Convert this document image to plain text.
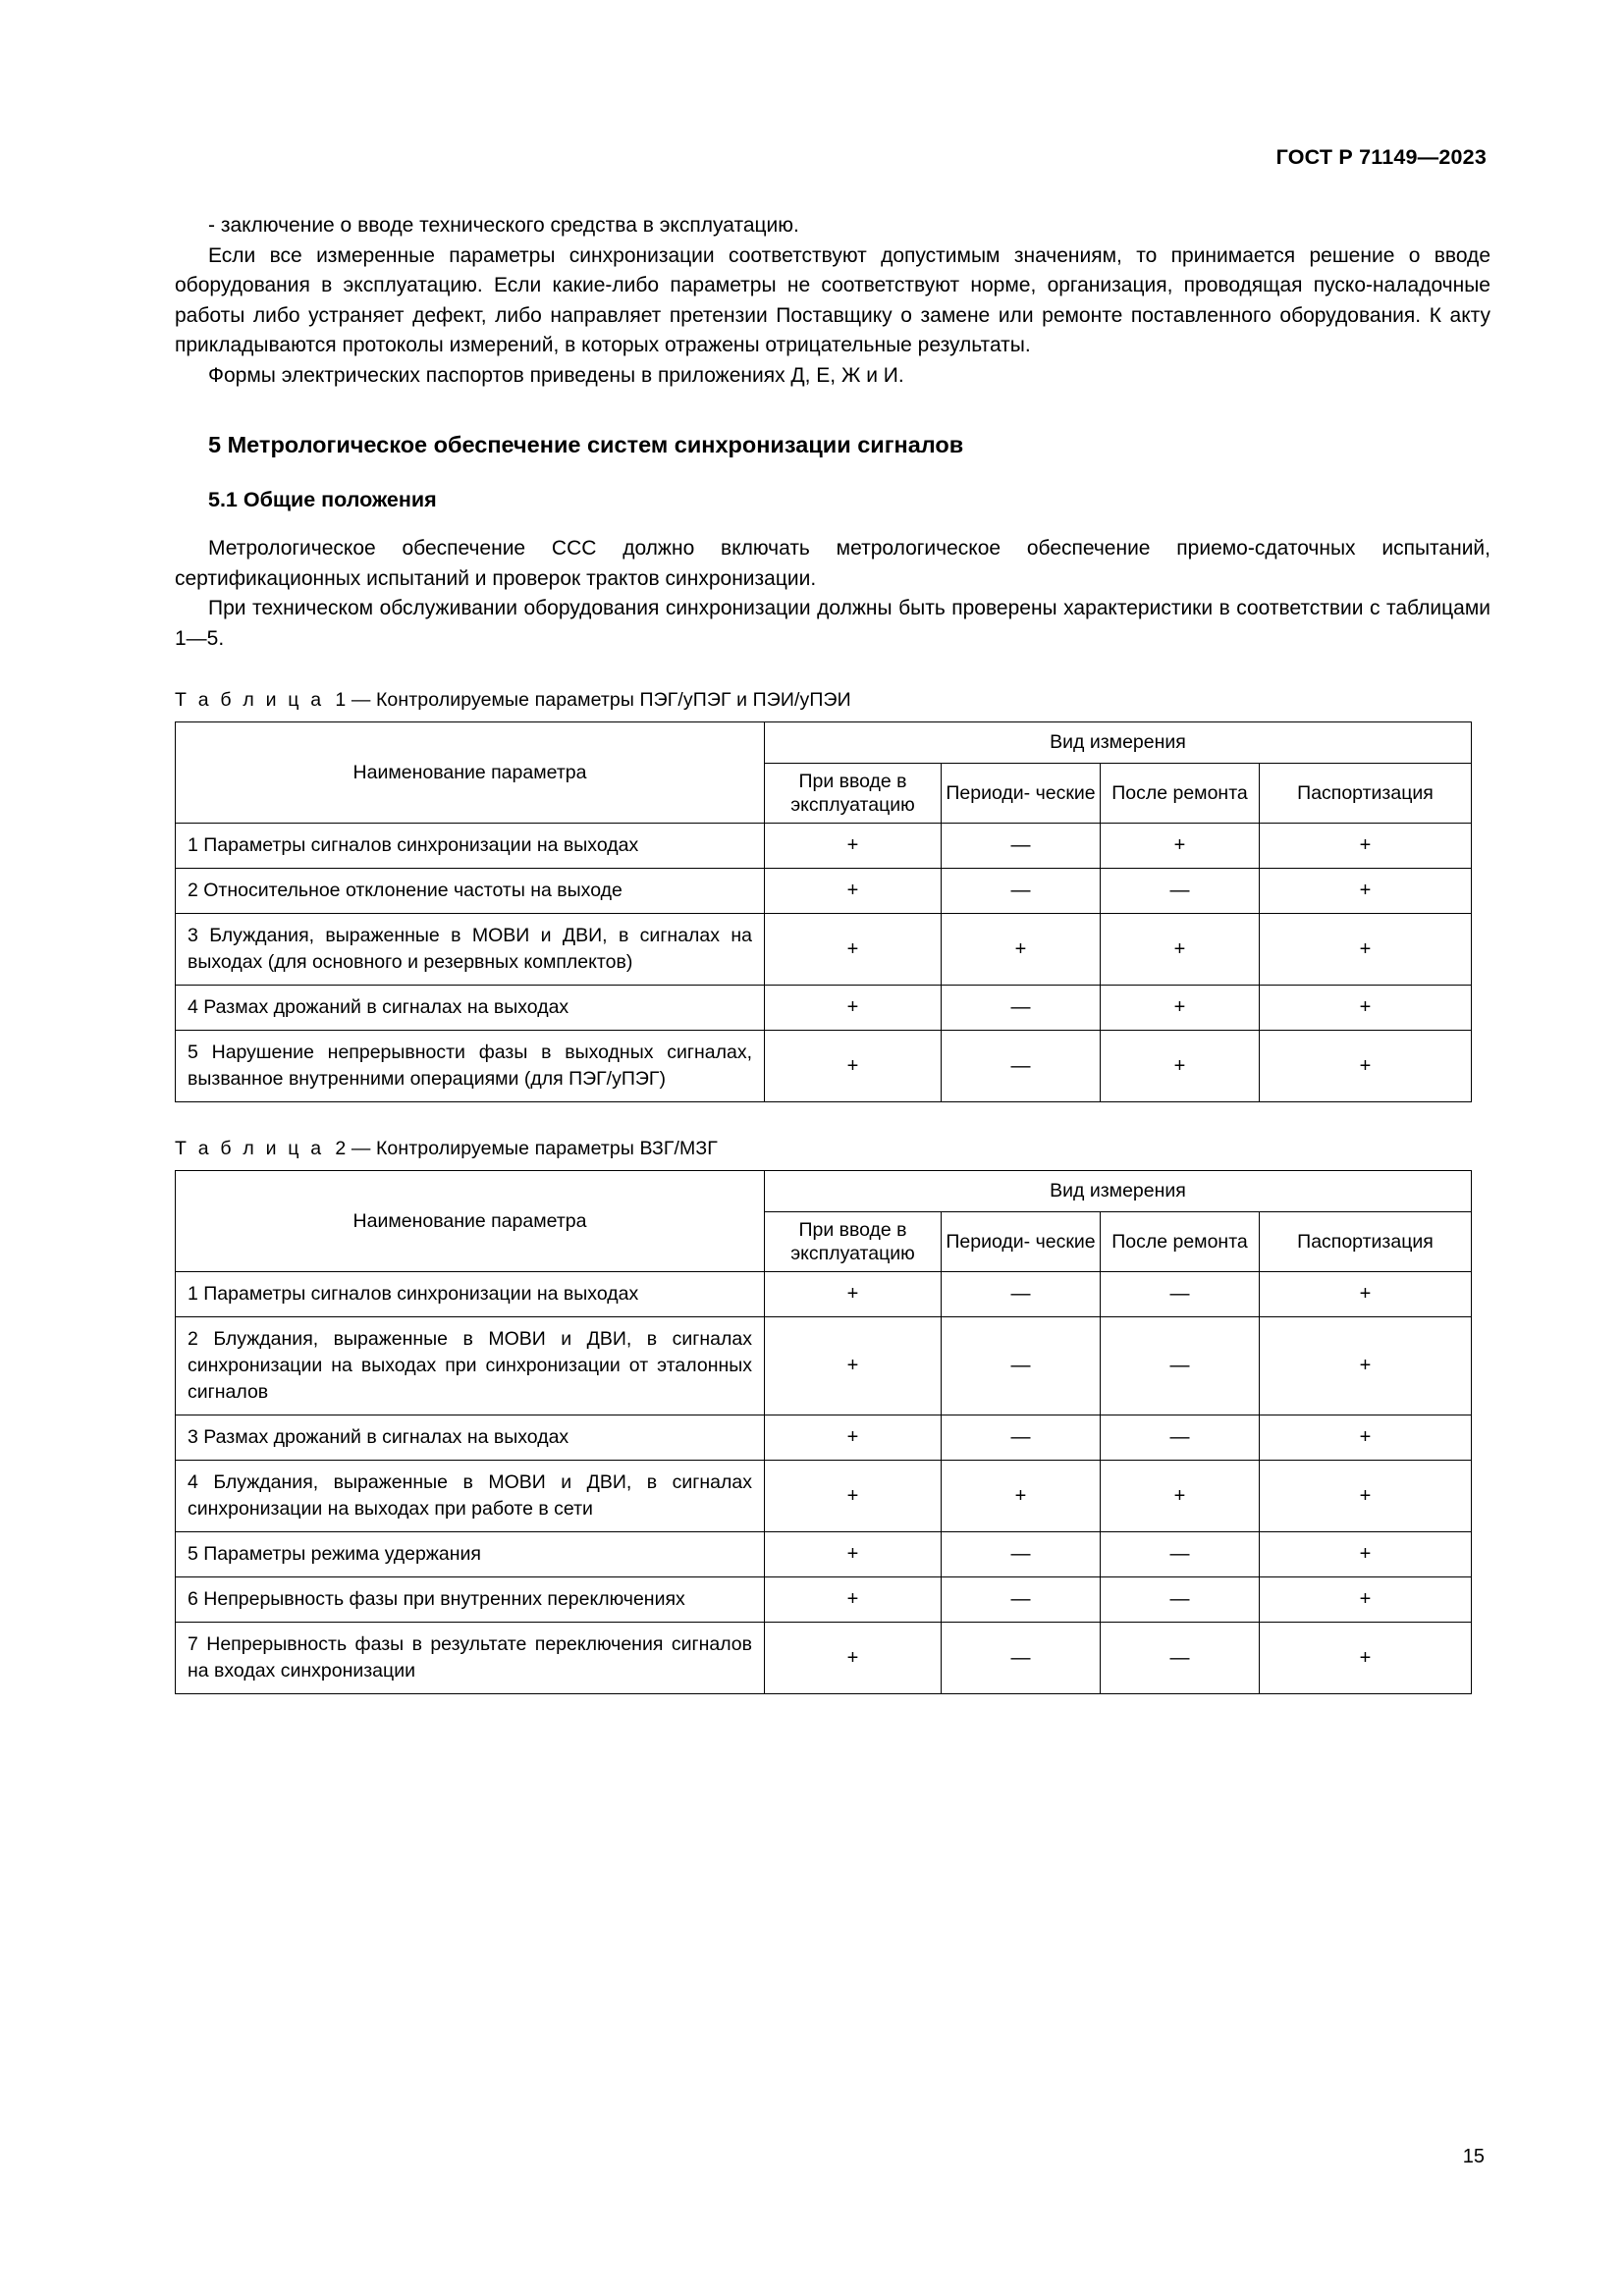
ГОСТ Р 71149—2023

- заключение о вводе технического средства в эксплуатацию.

Если все измеренные параметры синхронизации соответствуют допустимым значениям, то принимается решение о вводе оборудования в эксплуатацию. Если какие-либо параметры не соответствуют норме, организация, проводящая пуско-наладочные работы либо устраняет дефект, либо направляет претензии Поставщику о замене или ремонте поставленного оборудования. К акту прикладываются протоколы измерений, в которых отражены отрицательные результаты.

Формы электрических паспортов приведены в приложениях Д, Е, Ж и И.

5 Метрологическое обеспечение систем синхронизации сигналов
5.1 Общие положения

Метрологическое обеспечение ССС должно включать метрологическое обеспечение приемо-сдаточных испытаний, сертификационных испытаний и проверок трактов синхронизации.

При техническом обслуживании оборудования синхронизации должны быть проверены характеристики в соответствии с таблицами 1—5.

Т а б л и ц а 1 — Контролируемые параметры ПЭГ/уПЭГ и ПЭИ/уПЭИ
Наименование параметра	Вид измерения			
	При вводе в эксплуатацию	Периоди- ческие	После ремонта	Паспортизация
1 Параметры сигналов синхронизации на выходах	+	—	+	+
2 Относительное отклонение частоты на выходе	+	—	—	+
3 Блуждания, выраженные в МОВИ и ДВИ, в сигналах на выходах (для основного и резервных комплектов)	+	+	+	+
4 Размах дрожаний в сигналах на выходах	+	—	+	+
5 Нарушение непрерывности фазы в выходных сигналах, вызванное внутренними операциями (для ПЭГ/уПЭГ)	+	—	+	+
Т а б л и ц а 2 — Контролируемые параметры ВЗГ/МЗГ
Наименование параметра	Вид измерения			
	При вводе в эксплуатацию	Периоди- ческие	После ремонта	Паспортизация
1 Параметры сигналов синхронизации на выходах	+	—	—	+
2 Блуждания, выраженные в МОВИ и ДВИ, в сигналах синхронизации на выходах при синхронизации от эталонных сигналов	+	—	—	+
3 Размах дрожаний в сигналах на выходах	+	—	—	+
4 Блуждания, выраженные в МОВИ и ДВИ, в сигналах синхронизации на выходах при работе в сети	+	+	+	+
5 Параметры режима удержания	+	—	—	+
6 Непрерывность фазы при внутренних переключениях	+	—	—	+
7 Непрерывность фазы в результате переключения сигналов на входах синхронизации	+	—	—	+
15
